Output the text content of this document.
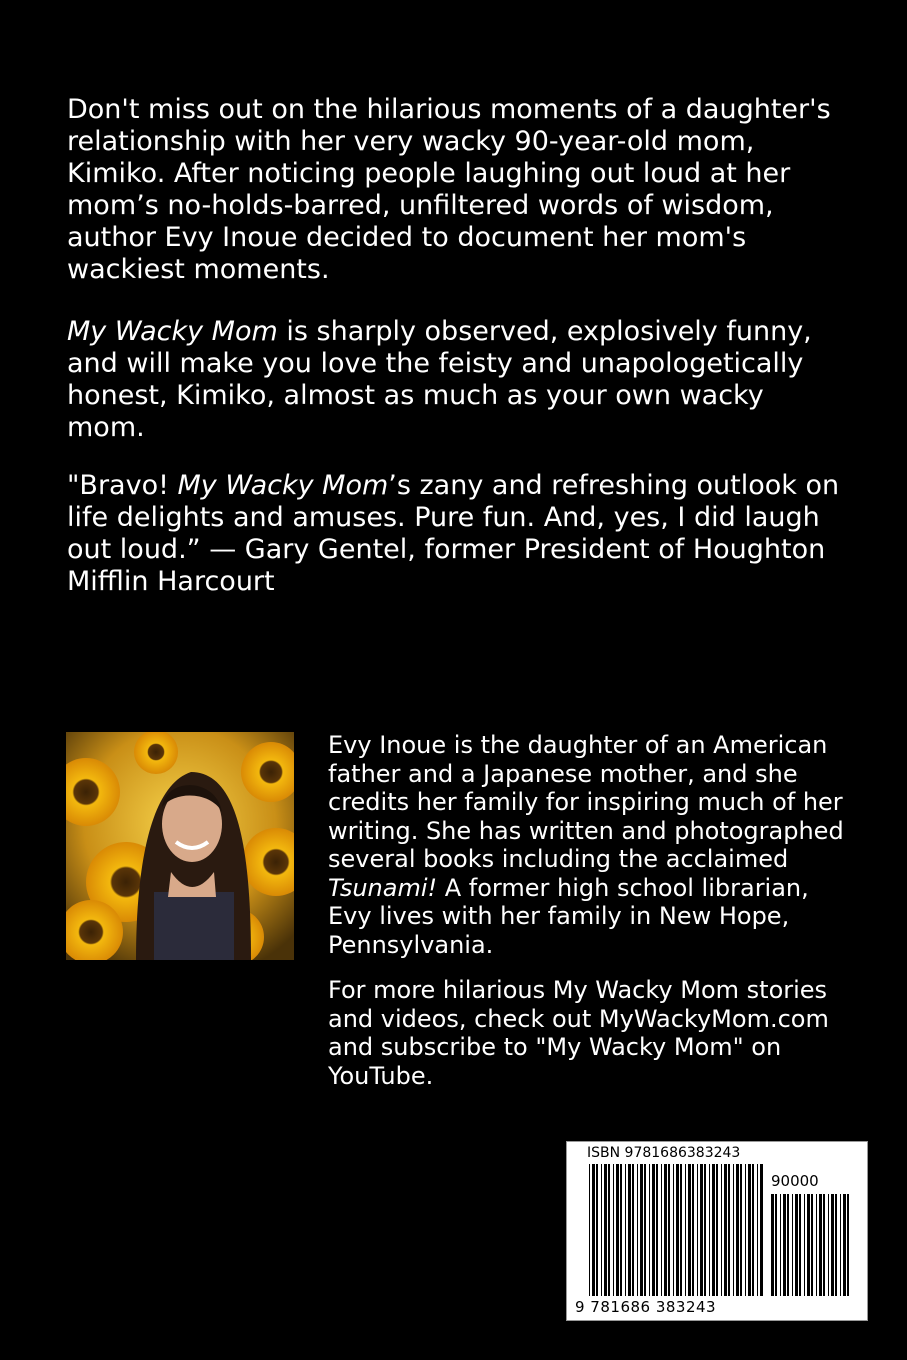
Don't miss out on the hilarious moments of a daughter's relationship with her very wacky 90-year-old mom, Kimiko. After noticing people laughing out loud at her mom’s no-holds-barred, unfiltered words of wisdom, author Evy Inoue decided to document her mom's wackiest moments.

My Wacky Mom is sharply observed, explosively funny, and will make you love the feisty and unapologetically honest, Kimiko, almost as much as your own wacky mom.

"Bravo! My Wacky Mom’s zany and refreshing outlook on life delights and amuses. Pure fun. And, yes, I did laugh out loud.” — Gary Gentel, former President of Houghton Mifflin Harcourt

Evy Inoue is the daughter of an American father and a Japanese mother, and she credits her family for inspiring much of her writing. She has written and photographed several books including the acclaimed Tsunami! A former high school librarian, Evy lives with her family in New Hope, Pennsylvania.

For more hilarious My Wacky Mom stories and videos, check out MyWackyMom.com and subscribe to "My Wacky Mom" on YouTube.

ISBN 9781686383243
90000
9 781686 383243
